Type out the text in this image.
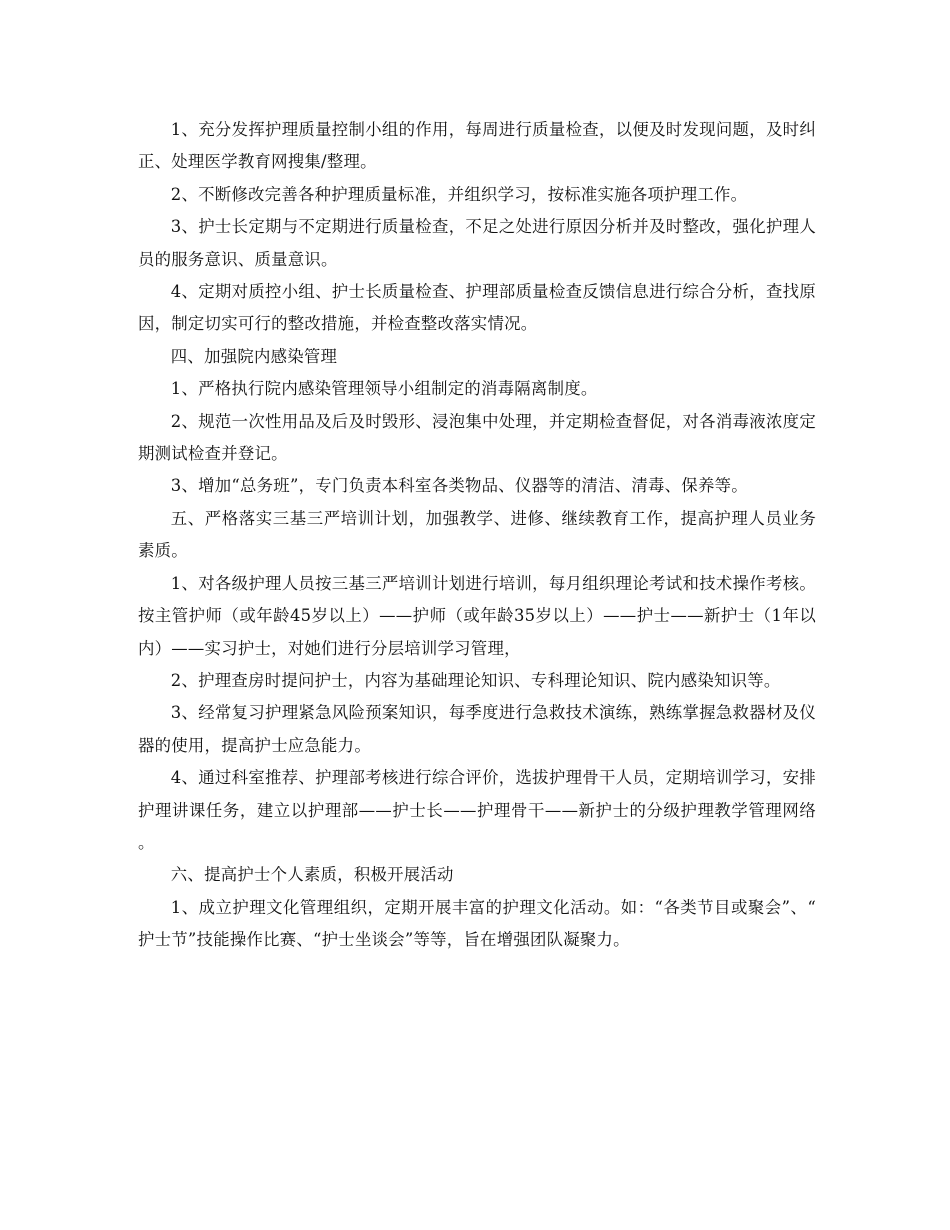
1、充分发挥护理质量控制小组的作用，每周进行质量检查，以便及时发现问题，及时纠正、处理医学教育网搜集/整理。

2、不断修改完善各种护理质量标准，并组织学习，按标准实施各项护理工作。

3、护士长定期与不定期进行质量检查，不足之处进行原因分析并及时整改，强化护理人员的服务意识、质量意识。

4、定期对质控小组、护士长质量检查、护理部质量检查反馈信息进行综合分析，查找原因，制定切实可行的整改措施，并检查整改落实情况。

四、加强院内感染管理

1、严格执行院内感染管理领导小组制定的消毒隔离制度。

2、规范一次性用品及后及时毁形、浸泡集中处理，并定期检查督促，对各消毒液浓度定期测试检查并登记。

3、增加“总务班”，专门负责本科室各类物品、仪器等的清洁、清毒、保养等。

五、严格落实三基三严培训计划，加强教学、进修、继续教育工作，提高护理人员业务素质。

1、对各级护理人员按三基三严培训计划进行培训，每月组织理论考试和技术操作考核。按主管护师（或年龄45岁以上）——护师（或年龄35岁以上）——护士——新护士（1年以内）——实习护士，对她们进行分层培训学习管理，

2、护理查房时提问护士，内容为基础理论知识、专科理论知识、院内感染知识等。

3、经常复习护理紧急风险预案知识，每季度进行急救技术演练，熟练掌握急救器材及仪器的使用，提高护士应急能力。

4、通过科室推荐、护理部考核进行综合评价，选拔护理骨干人员，定期培训学习，安排护理讲课任务，建立以护理部——护士长——护理骨干——新护士的分级护理教学管理网络。

六、提高护士个人素质，积极开展活动

1、成立护理文化管理组织，定期开展丰富的护理文化活动。如：“各类节目或聚会”、“护士节”技能操作比赛、“护士坐谈会”等等，旨在增强团队凝聚力。
